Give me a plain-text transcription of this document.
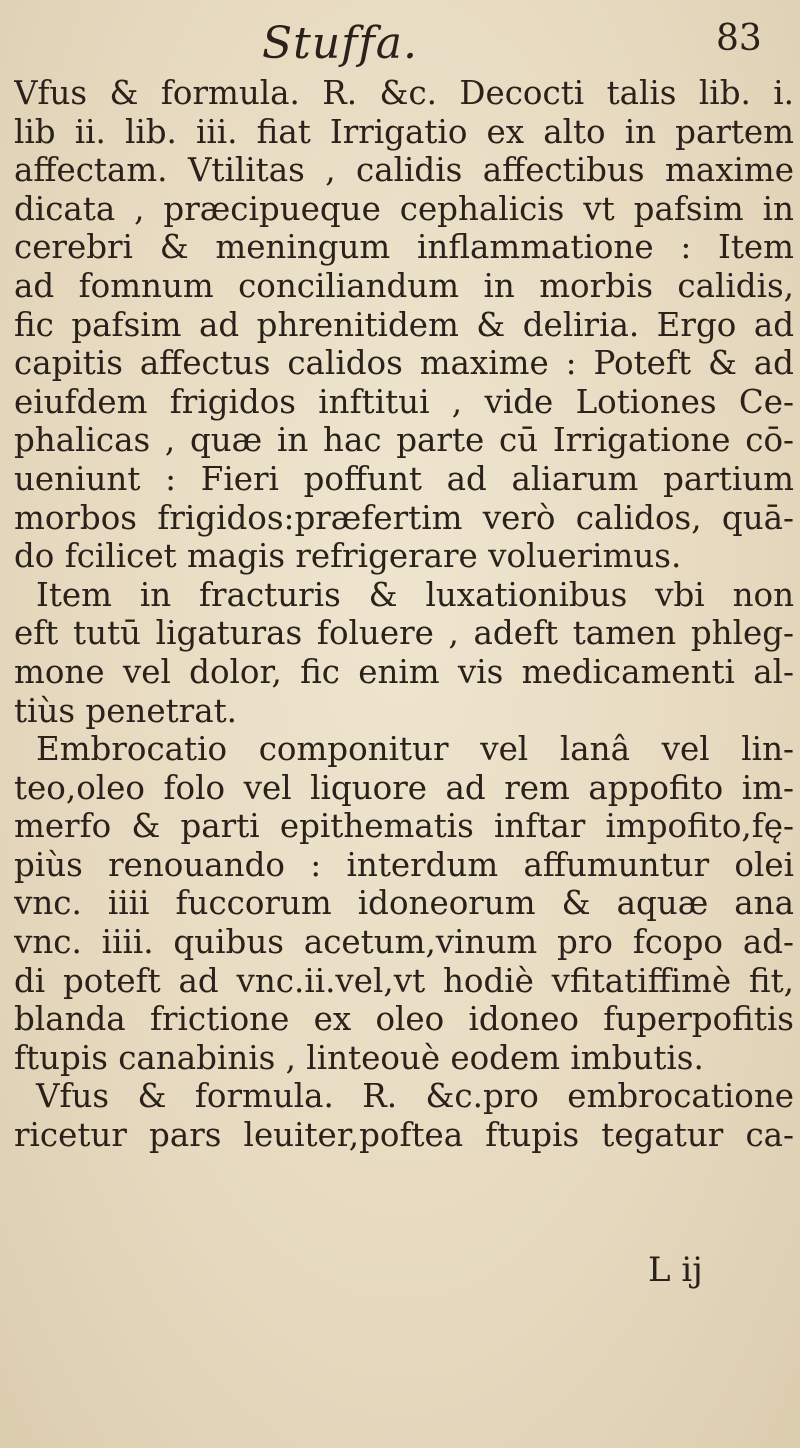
Stuffa.	83
Vfus & formula. R. &c. Decocti talis lib. i.
lib ii. lib. iii. fiat Irrigatio ex alto in partem
affectam. Vtilitas , calidis affectibus maxime
dicata , præcipueque cephalicis vt pafsim in
cerebri & meningum inflammatione : Item
ad fomnum conciliandum in morbis calidis,
fic pafsim ad phrenitidem & deliria. Ergo ad
capitis affectus calidos maxime : Poteft & ad
eiufdem frigidos inftitui , vide Lotiones Ce-
phalicas , quæ in hac parte cū Irrigatione cō-
ueniunt : Fieri poffunt ad aliarum partium
morbos frigidos:præfertim verò calidos, quā-
do fcilicet magis refrigerare voluerimus.
Item in fracturis & luxationibus vbi non
eft tutū ligaturas foluere , adeft tamen phleg-
mone vel dolor, fic enim vis medicamenti al-
tiùs penetrat.
Embrocatio componitur vel lanâ vel lin-
teo,oleo folo vel liquore ad rem appofito im-
merfo & parti epithematis inftar impofito,fę-
piùs renouando : interdum affumuntur olei
vnc. iiii fuccorum idoneorum & aquæ ana
vnc. iiii. quibus acetum,vinum pro fcopo ad-
di poteft ad vnc.ii.vel,vt hodiè vfitatiffimè fit,
blanda frictione ex oleo idoneo fuperpofitis
ftupis canabinis , linteouè eodem imbutis.
Vfus & formula. R. &c.pro embrocatione
ricetur pars leuiter,poftea ftupis tegatur ca-
L ij
